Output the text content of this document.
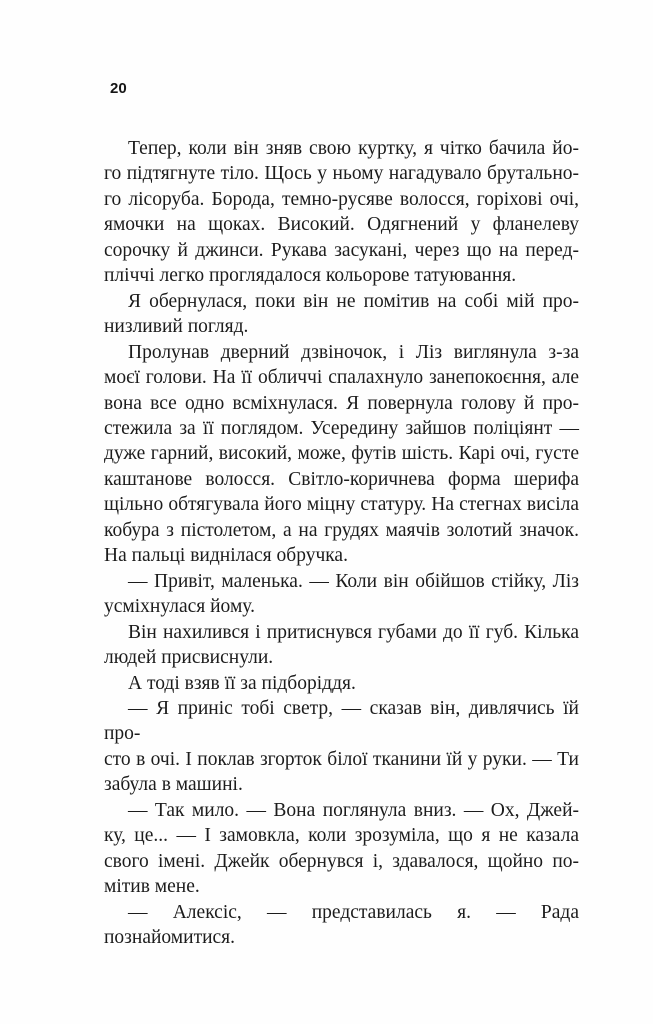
20
Тепер, коли він зняв свою куртку, я чітко бачила йо-
го підтягнуте тіло. Щось у ньому нагадувало брутально-
го лісоруба. Борода, темно-русяве волосся, горіхові очі,
ямочки на щоках. Високий. Одягнений у фланелеву
сорочку й джинси. Рукава засукані, через що на перед-
пліччі легко проглядалося кольорове татуювання.
Я обернулася, поки він не помітив на собі мій про-
низливий погляд.
Пролунав дверний дзвіночок, і Ліз виглянула з-за
моєї голови. На її обличчі спалахнуло занепокоєння, але
вона все одно всміхнулася. Я повернула голову й про-
стежила за її поглядом. Усередину зайшов поліціянт —
дуже гарний, високий, може, футів шість. Карі очі, густе
каштанове волосся. Світло-коричнева форма шерифа
щільно обтягувала його міцну статуру. На стегнах висіла
кобура з пістолетом, а на грудях маячів золотий значок.
На пальці виднілася обручка.
— Привіт, маленька. — Коли він обійшов стійку, Ліз
усміхнулася йому.
Він нахилився і притиснувся губами до її губ. Кілька
людей присвиснули.
А тоді взяв її за підборіддя.
— Я приніс тобі светр, — сказав він, дивлячись їй про-
сто в очі. І поклав згорток білої тканини їй у руки. — Ти
забула в машині.
— Так мило. — Вона поглянула вниз. — Ох, Джей-
ку, це... — І замовкла, коли зрозуміла, що я не казала
свого імені. Джейк обернувся і, здавалося, щойно по-
мітив мене.
— Алексіс, — представилась я. — Рада познайомитися.
